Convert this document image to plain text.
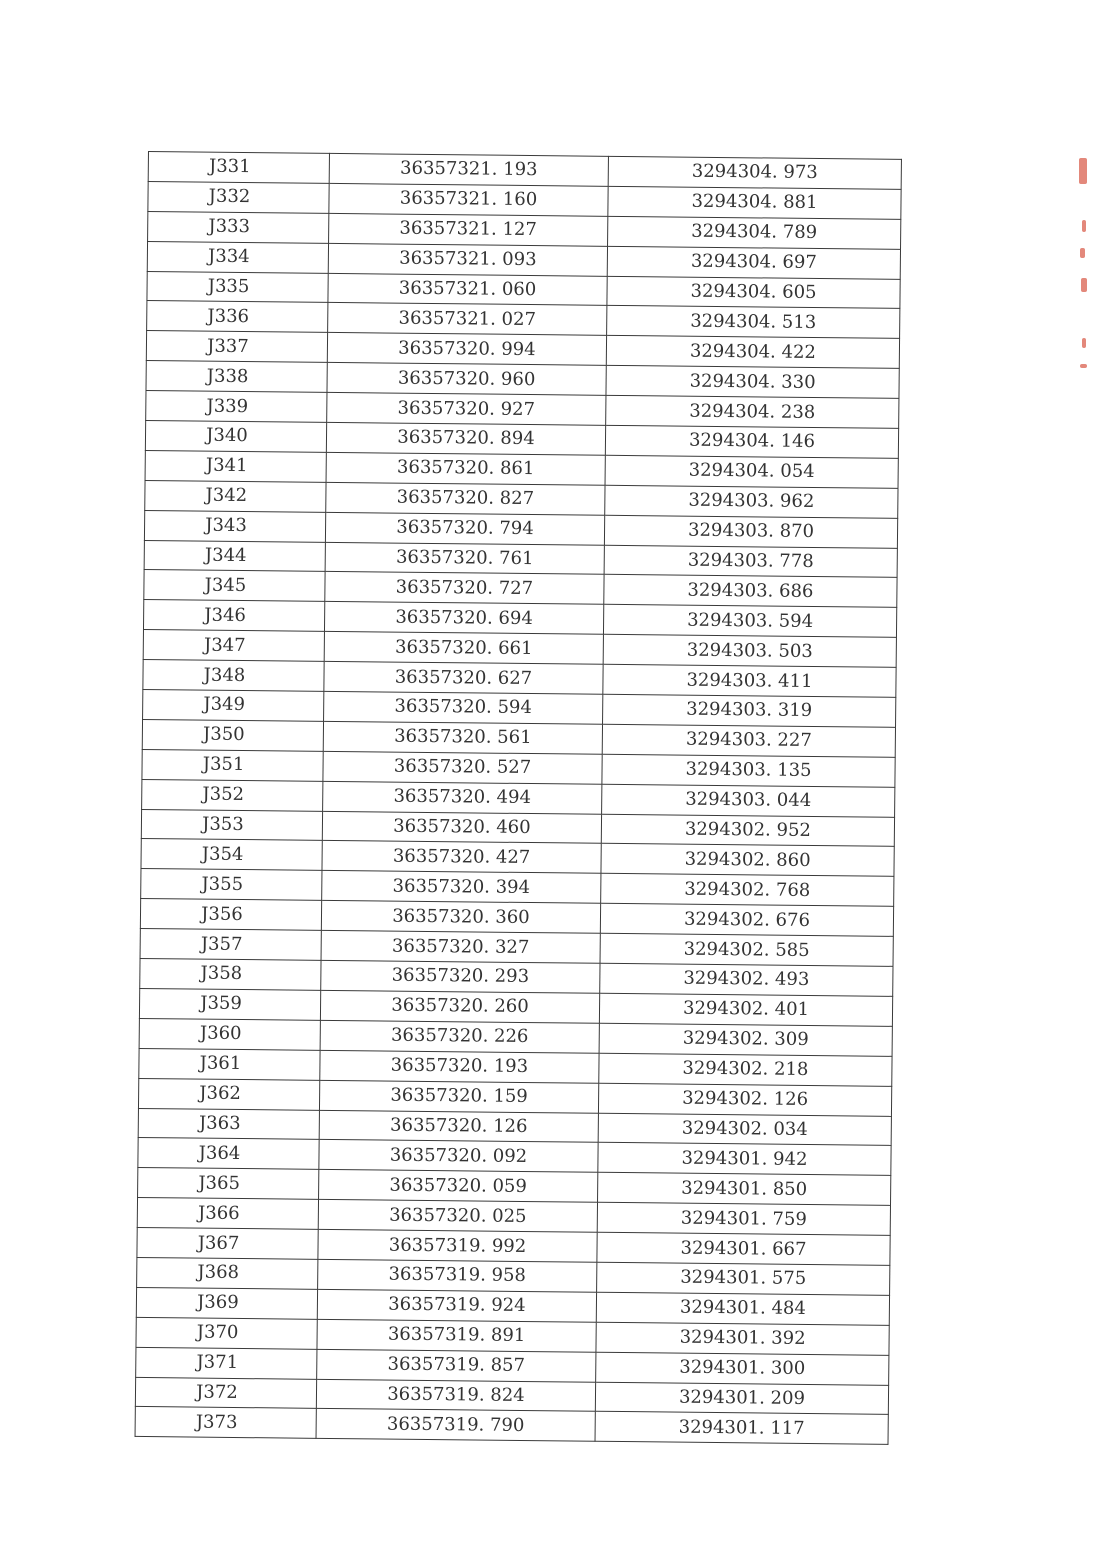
J331	36357321. 193	3294304. 973
J332	36357321. 160	3294304. 881
J333	36357321. 127	3294304. 789
J334	36357321. 093	3294304. 697
J335	36357321. 060	3294304. 605
J336	36357321. 027	3294304. 513
J337	36357320. 994	3294304. 422
J338	36357320. 960	3294304. 330
J339	36357320. 927	3294304. 238
J340	36357320. 894	3294304. 146
J341	36357320. 861	3294304. 054
J342	36357320. 827	3294303. 962
J343	36357320. 794	3294303. 870
J344	36357320. 761	3294303. 778
J345	36357320. 727	3294303. 686
J346	36357320. 694	3294303. 594
J347	36357320. 661	3294303. 503
J348	36357320. 627	3294303. 411
J349	36357320. 594	3294303. 319
J350	36357320. 561	3294303. 227
J351	36357320. 527	3294303. 135
J352	36357320. 494	3294303. 044
J353	36357320. 460	3294302. 952
J354	36357320. 427	3294302. 860
J355	36357320. 394	3294302. 768
J356	36357320. 360	3294302. 676
J357	36357320. 327	3294302. 585
J358	36357320. 293	3294302. 493
J359	36357320. 260	3294302. 401
J360	36357320. 226	3294302. 309
J361	36357320. 193	3294302. 218
J362	36357320. 159	3294302. 126
J363	36357320. 126	3294302. 034
J364	36357320. 092	3294301. 942
J365	36357320. 059	3294301. 850
J366	36357320. 025	3294301. 759
J367	36357319. 992	3294301. 667
J368	36357319. 958	3294301. 575
J369	36357319. 924	3294301. 484
J370	36357319. 891	3294301. 392
J371	36357319. 857	3294301. 300
J372	36357319. 824	3294301. 209
J373	36357319. 790	3294301. 117
